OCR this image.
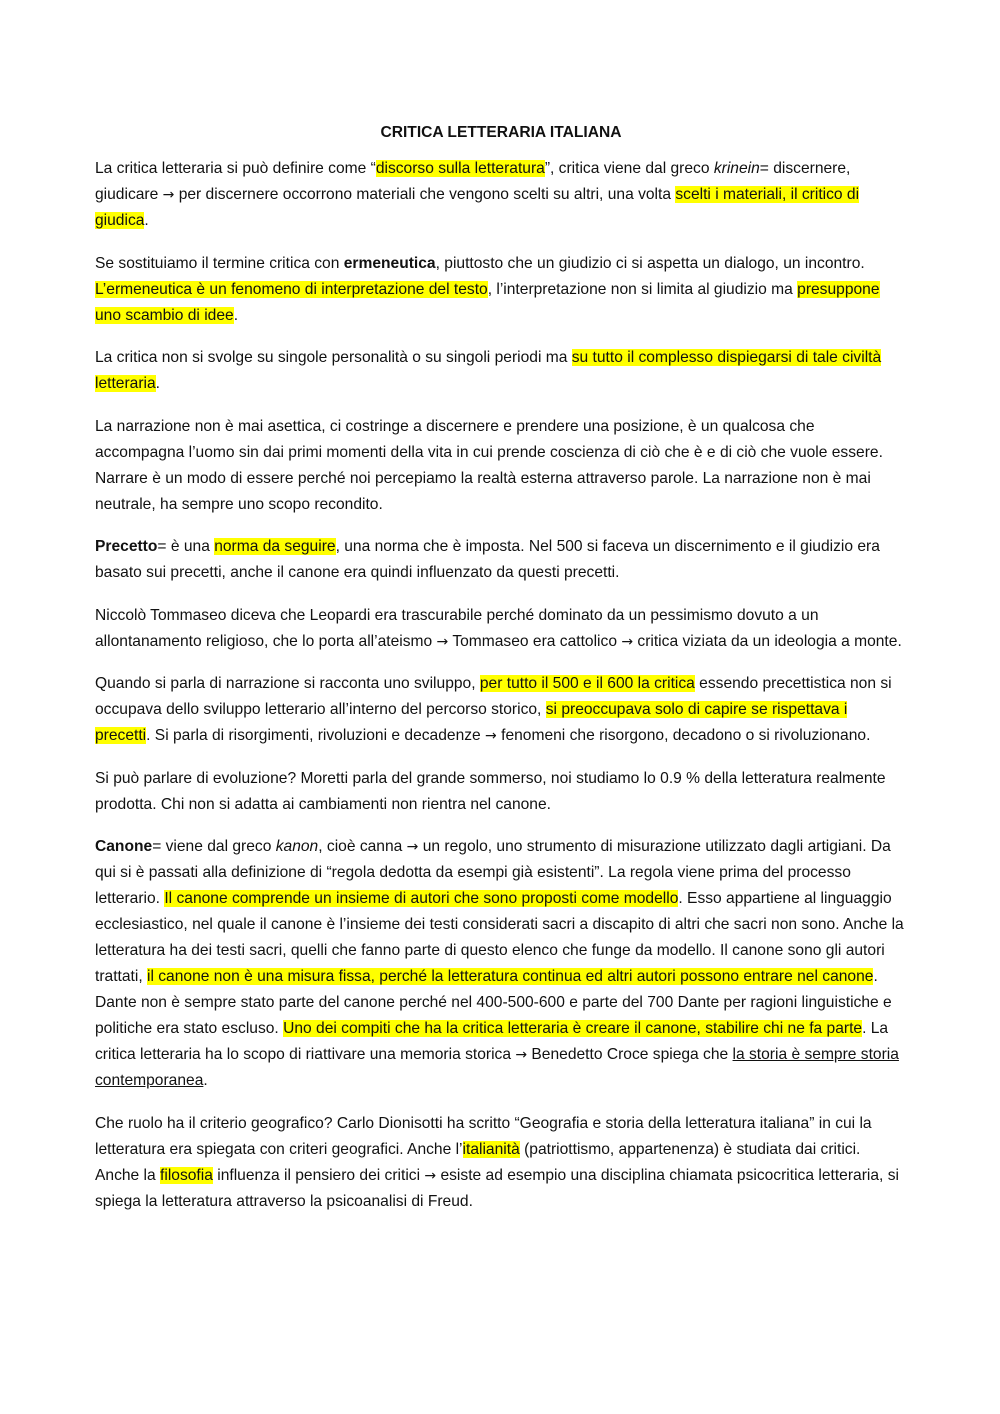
CRITICA LETTERARIA ITALIANA

La critica letteraria si può definire come “discorso sulla letteratura”, critica viene dal greco krinein= discernere, giudicare → per discernere occorrono materiali che vengono scelti su altri, una volta scelti i materiali, il critico di giudica.

Se sostituiamo il termine critica con ermeneutica, piuttosto che un giudizio ci si aspetta un dialogo, un incontro. L’ermeneutica è un fenomeno di interpretazione del testo, l’interpretazione non si limita al giudizio ma presuppone uno scambio di idee.

La critica non si svolge su singole personalità o su singoli periodi ma su tutto il complesso dispiegarsi di tale civiltà letteraria.

La narrazione non è mai asettica, ci costringe a discernere e prendere una posizione, è un qualcosa che accompagna l’uomo sin dai primi momenti della vita in cui prende coscienza di ciò che è e di ciò che vuole essere. Narrare è un modo di essere perché noi percepiamo la realtà esterna attraverso parole. La narrazione non è mai neutrale, ha sempre uno scopo recondito.

Precetto= è una norma da seguire, una norma che è imposta. Nel 500 si faceva un discernimento e il giudizio era basato sui precetti, anche il canone era quindi influenzato da questi precetti.

Niccolò Tommaseo diceva che Leopardi era trascurabile perché dominato da un pessimismo dovuto a un allontanamento religioso, che lo porta all’ateismo → Tommaseo era cattolico → critica viziata da un ideologia a monte.

Quando si parla di narrazione si racconta uno sviluppo, per tutto il 500 e il 600 la critica essendo precettistica non si occupava dello sviluppo letterario all’interno del percorso storico, si preoccupava solo di capire se rispettava i precetti. Si parla di risorgimenti, rivoluzioni e decadenze → fenomeni che risorgono, decadono o si rivoluzionano.

Si può parlare di evoluzione? Moretti parla del grande sommerso, noi studiamo lo 0.9 % della letteratura realmente prodotta. Chi non si adatta ai cambiamenti non rientra nel canone.

Canone= viene dal greco kanon, cioè canna → un regolo, uno strumento di misurazione utilizzato dagli artigiani. Da qui si è passati alla definizione di “regola dedotta da esempi già esistenti”. La regola viene prima del processo letterario. Il canone comprende un insieme di autori che sono proposti come modello. Esso appartiene al linguaggio ecclesiastico, nel quale il canone è l’insieme dei testi considerati sacri a discapito di altri che sacri non sono. Anche la letteratura ha dei testi sacri, quelli che fanno parte di questo elenco che funge da modello. Il canone sono gli autori trattati, il canone non è una misura fissa, perché la letteratura continua ed altri autori possono entrare nel canone. Dante non è sempre stato parte del canone perché nel 400-500-600 e parte del 700 Dante per ragioni linguistiche e politiche era stato escluso. Uno dei compiti che ha la critica letteraria è creare il canone, stabilire chi ne fa parte. La critica letteraria ha lo scopo di riattivare una memoria storica → Benedetto Croce spiega che la storia è sempre storia contemporanea.

Che ruolo ha il criterio geografico? Carlo Dionisotti ha scritto “Geografia e storia della letteratura italiana” in cui la letteratura era spiegata con criteri geografici. Anche l’italianità (patriottismo, appartenenza) è studiata dai critici. Anche la filosofia influenza il pensiero dei critici → esiste ad esempio una disciplina chiamata psicocritica letteraria, si spiega la letteratura attraverso la psicoanalisi di Freud.
